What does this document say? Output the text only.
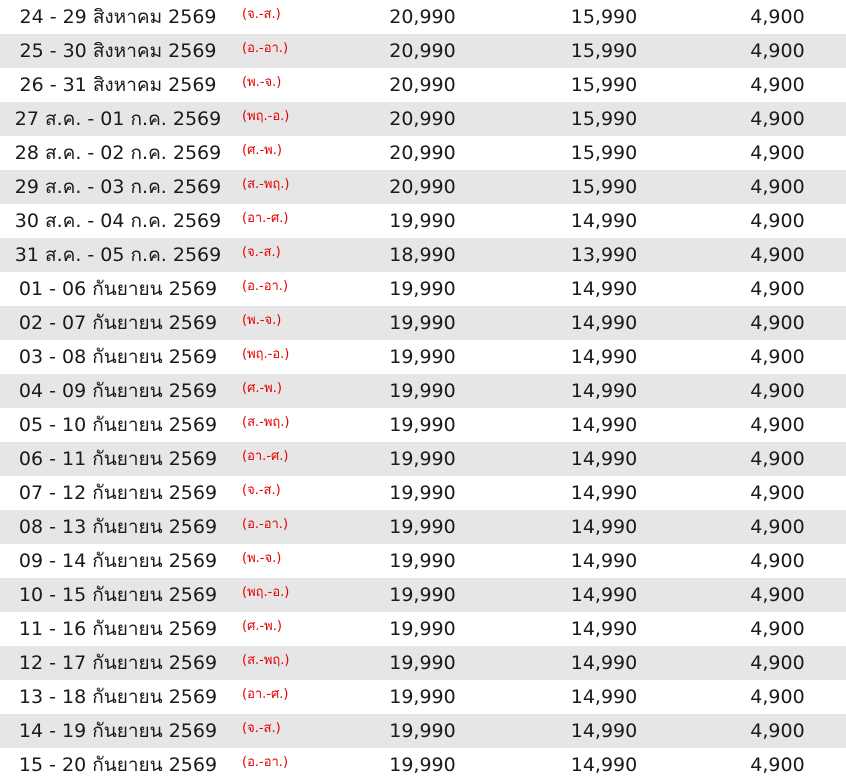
24 - 29 สิงหาคม 2569	(จ.-ส.)	20,990	15,990	4,900
25 - 30 สิงหาคม 2569	(อ.-อา.)	20,990	15,990	4,900
26 - 31 สิงหาคม 2569	(พ.-จ.)	20,990	15,990	4,900
27 ส.ค. - 01 ก.ค. 2569	(พฤ.-อ.)	20,990	15,990	4,900
28 ส.ค. - 02 ก.ค. 2569	(ศ.-พ.)	20,990	15,990	4,900
29 ส.ค. - 03 ก.ค. 2569	(ส.-พฤ.)	20,990	15,990	4,900
30 ส.ค. - 04 ก.ค. 2569	(อา.-ศ.)	19,990	14,990	4,900
31 ส.ค. - 05 ก.ค. 2569	(จ.-ส.)	18,990	13,990	4,900
01 - 06 กันยายน 2569	(อ.-อา.)	19,990	14,990	4,900
02 - 07 กันยายน 2569	(พ.-จ.)	19,990	14,990	4,900
03 - 08 กันยายน 2569	(พฤ.-อ.)	19,990	14,990	4,900
04 - 09 กันยายน 2569	(ศ.-พ.)	19,990	14,990	4,900
05 - 10 กันยายน 2569	(ส.-พฤ.)	19,990	14,990	4,900
06 - 11 กันยายน 2569	(อา.-ศ.)	19,990	14,990	4,900
07 - 12 กันยายน 2569	(จ.-ส.)	19,990	14,990	4,900
08 - 13 กันยายน 2569	(อ.-อา.)	19,990	14,990	4,900
09 - 14 กันยายน 2569	(พ.-จ.)	19,990	14,990	4,900
10 - 15 กันยายน 2569	(พฤ.-อ.)	19,990	14,990	4,900
11 - 16 กันยายน 2569	(ศ.-พ.)	19,990	14,990	4,900
12 - 17 กันยายน 2569	(ส.-พฤ.)	19,990	14,990	4,900
13 - 18 กันยายน 2569	(อา.-ศ.)	19,990	14,990	4,900
14 - 19 กันยายน 2569	(จ.-ส.)	19,990	14,990	4,900
15 - 20 กันยายน 2569	(อ.-อา.)	19,990	14,990	4,900
